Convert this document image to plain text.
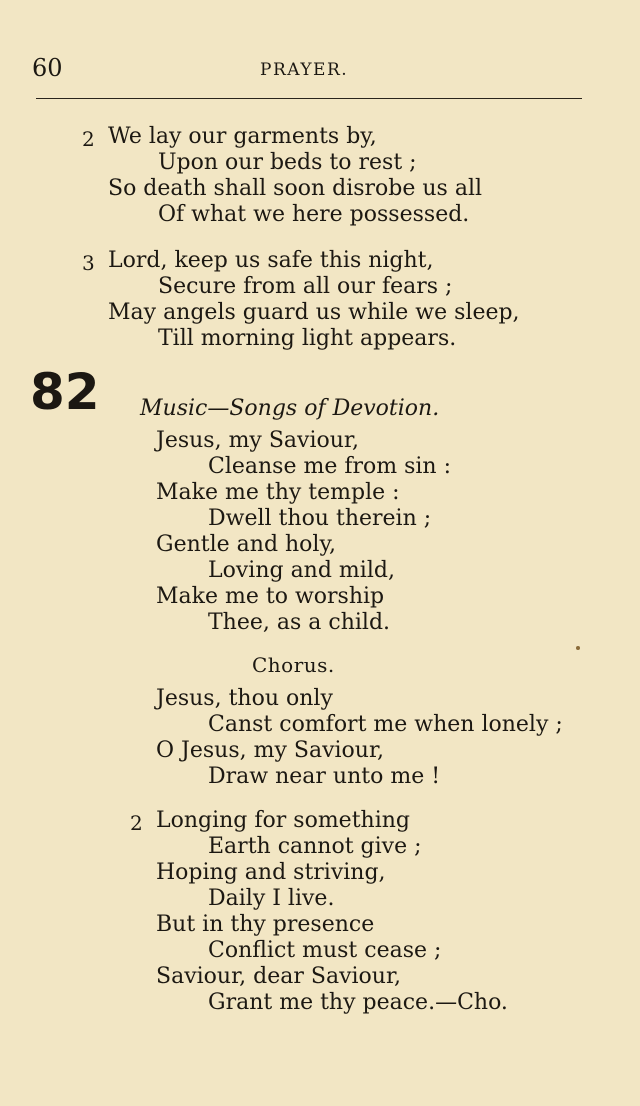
60	PRAYER.
2 We lay our garments by,
Upon our beds to rest ;
So death shall soon disrobe us all
Of what we here possessed.
3 Lord, keep us safe this night,
Secure from all our fears ;
May angels guard us while we sleep,
Till morning light appears.
82 Music—Songs of Devotion.
Jesus, my Saviour,
Cleanse me from sin :
Make me thy temple :
Dwell thou therein ;
Gentle and holy,
Loving and mild,
Make me to worship
Thee, as a child.
Chorus.
Jesus, thou only
Canst comfort me when lonely ;
O Jesus, my Saviour,
Draw near unto me !
2 Longing for something
Earth cannot give ;
Hoping and striving,
Daily I live.
But in thy presence
Conflict must cease ;
Saviour, dear Saviour,
Grant me thy peace.—Cho.
